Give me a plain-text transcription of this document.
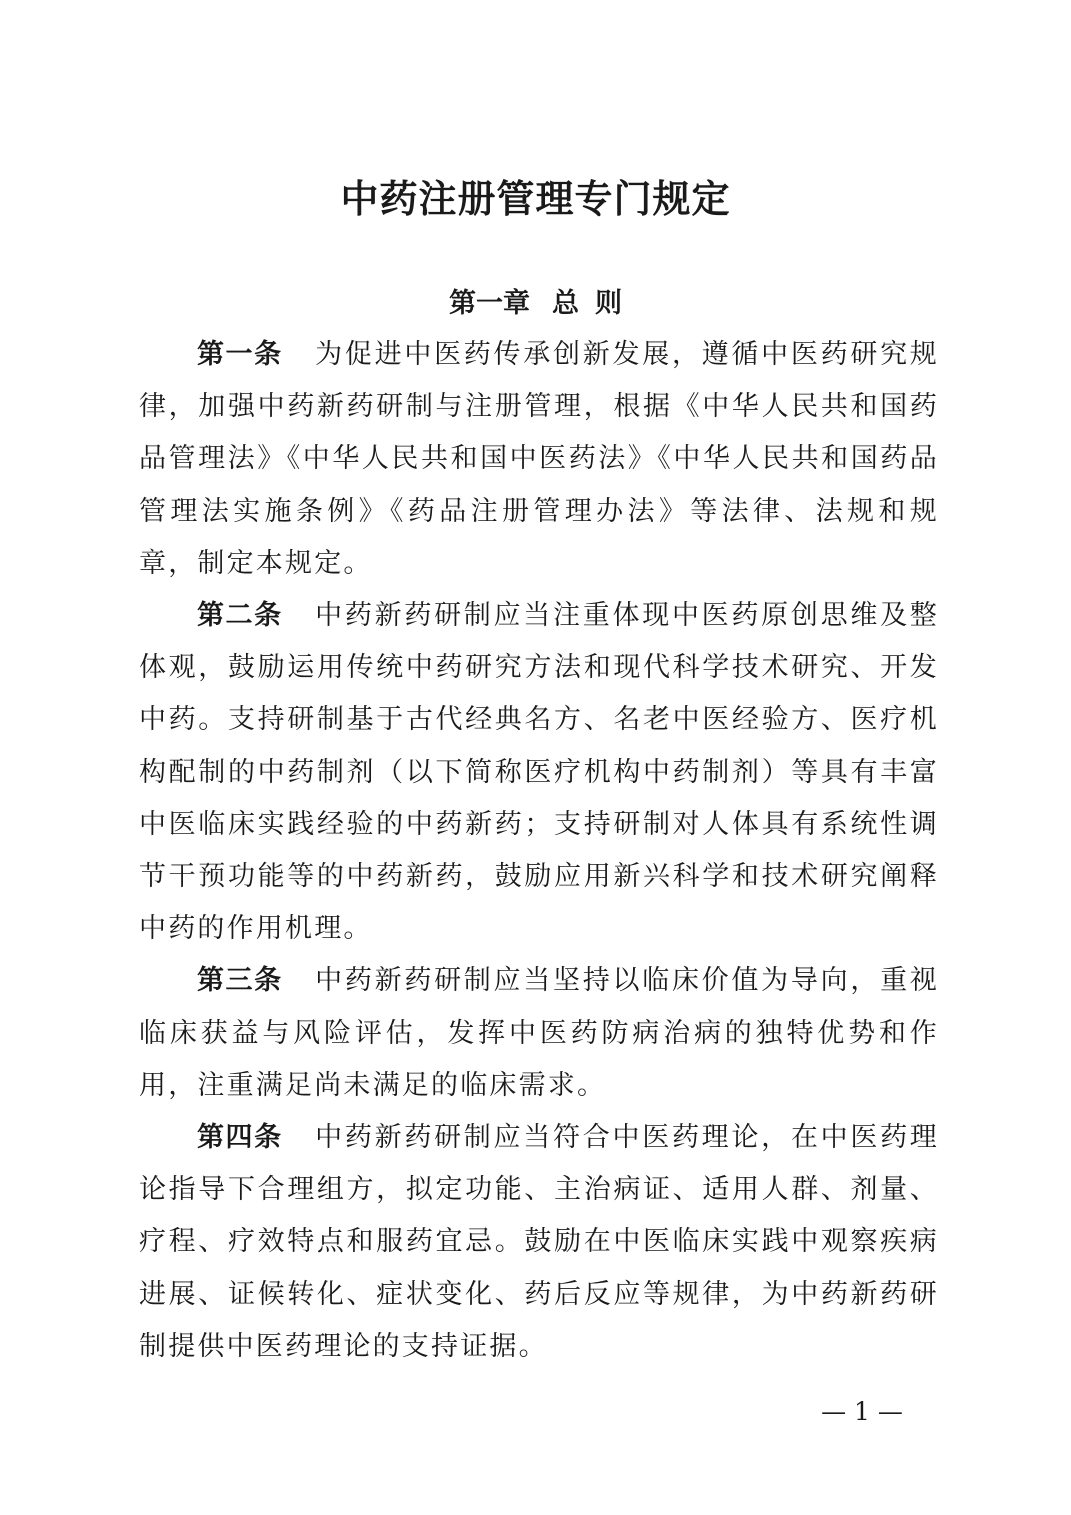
中药注册管理专门规定
第一章 总 则

第一条 为促进中医药传承创新发展，遵循中医药研究规律，加强中药新药研制与注册管理，根据《中华人民共和国药品管理法》《中华人民共和国中医药法》《中华人民共和国药品管理法实施条例》《药品注册管理办法》等法律、法规和规章，制定本规定。

第二条 中药新药研制应当注重体现中医药原创思维及整体观，鼓励运用传统中药研究方法和现代科学技术研究、开发中药。支持研制基于古代经典名方、名老中医经验方、医疗机构配制的中药制剂（以下简称医疗机构中药制剂）等具有丰富中医临床实践经验的中药新药；支持研制对人体具有系统性调节干预功能等的中药新药，鼓励应用新兴科学和技术研究阐释中药的作用机理。

第三条 中药新药研制应当坚持以临床价值为导向，重视临床获益与风险评估，发挥中医药防病治病的独特优势和作用，注重满足尚未满足的临床需求。

第四条 中药新药研制应当符合中医药理论，在中医药理论指导下合理组方，拟定功能、主治病证、适用人群、剂量、疗程、疗效特点和服药宜忌。鼓励在中医临床实践中观察疾病进展、证候转化、症状变化、药后反应等规律，为中药新药研制提供中医药理论的支持证据。

— 1 —
